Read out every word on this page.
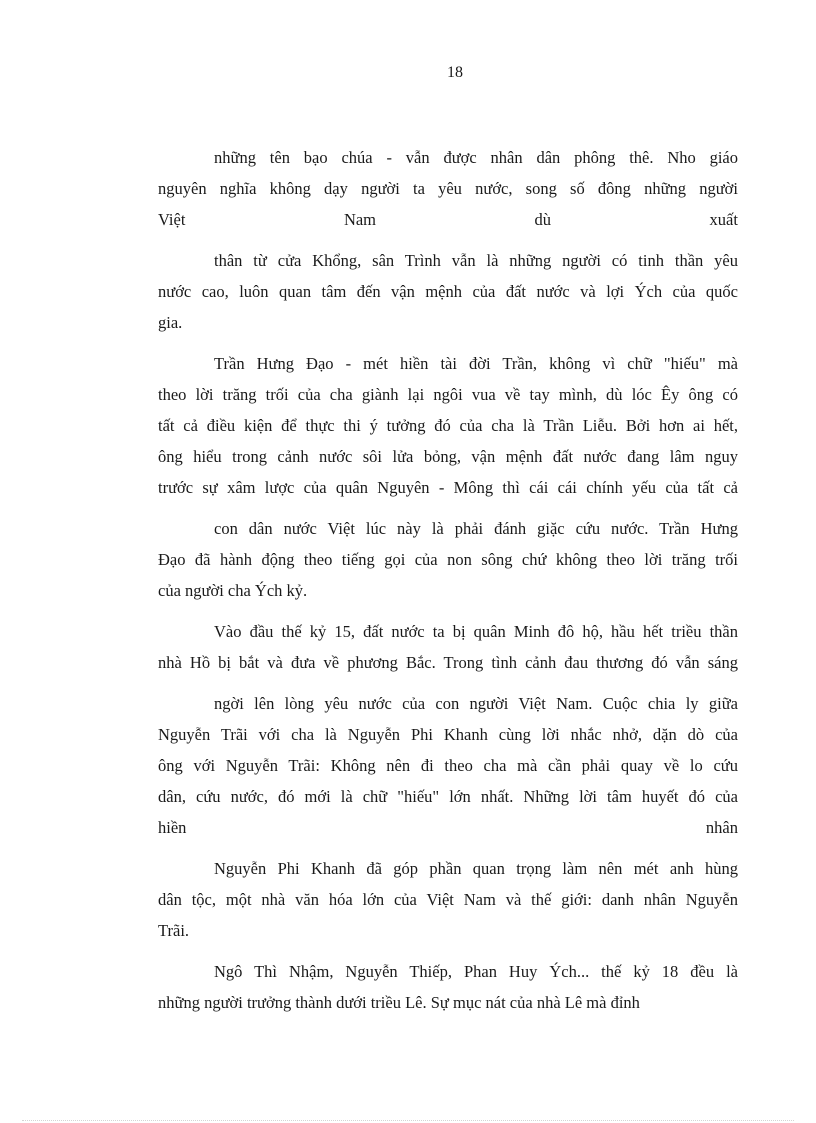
18
những tên bạo chúa - vẫn được nhân dân phông thê. Nho giáo
nguyên nghĩa không dạy người ta yêu nước, song số đông những người
Việt	Nam	dù	xuất
thân từ cửa Khổng, sân Trình vẫn là những người có tinh thần yêu
nước cao, luôn quan tâm đến vận mệnh của đất nước và lợi Ých của quốc
gia.
Trần Hưng Đạo - mét hiền tài đời Trần, không vì chữ "hiếu" mà
theo lời trăng trối của cha giành lại ngôi vua về tay mình, dù lóc Êy ông có
tất cả điều kiện để thực thi ý tưởng đó của cha là Trần Liễu. Bởi hơn ai hết,
ông hiểu trong cảnh nước sôi lửa bỏng, vận mệnh đất nước đang lâm nguy
trước sự xâm lược của quân Nguyên - Mông thì cái cái chính yếu của tất cả
con dân nước Việt lúc này là phải đánh giặc cứu nước. Trần Hưng
Đạo đã hành động theo tiếng gọi của non sông chứ không theo lời trăng trối
của người cha Ých kỷ.
Vào đầu thế kỷ 15, đất nước ta bị quân Minh đô hộ, hầu hết triều thần
nhà Hồ bị bắt và đưa về phương Bắc. Trong tình cảnh đau thương đó vẫn sáng
ngời lên lòng yêu nước của con người Việt Nam. Cuộc chia ly giữa
Nguyễn Trãi với cha là Nguyễn Phi Khanh cùng lời nhắc nhở, dặn dò của
ông với Nguyễn Trãi: Không nên đi theo cha mà cần phải quay về lo cứu
dân, cứu nước, đó mới là chữ "hiếu" lớn nhất. Những lời tâm huyết đó của
hiền	nhân
Nguyễn Phi Khanh đã góp phần quan trọng làm nên mét anh hùng
dân tộc, một nhà văn hóa lớn của Việt Nam và thế giới: danh nhân Nguyễn
Trãi.
Ngô Thì Nhậm, Nguyễn Thiếp, Phan Huy Ých... thế kỷ 18 đều là
những người trưởng thành dưới triều Lê. Sự mục nát của nhà Lê mà đỉnh
